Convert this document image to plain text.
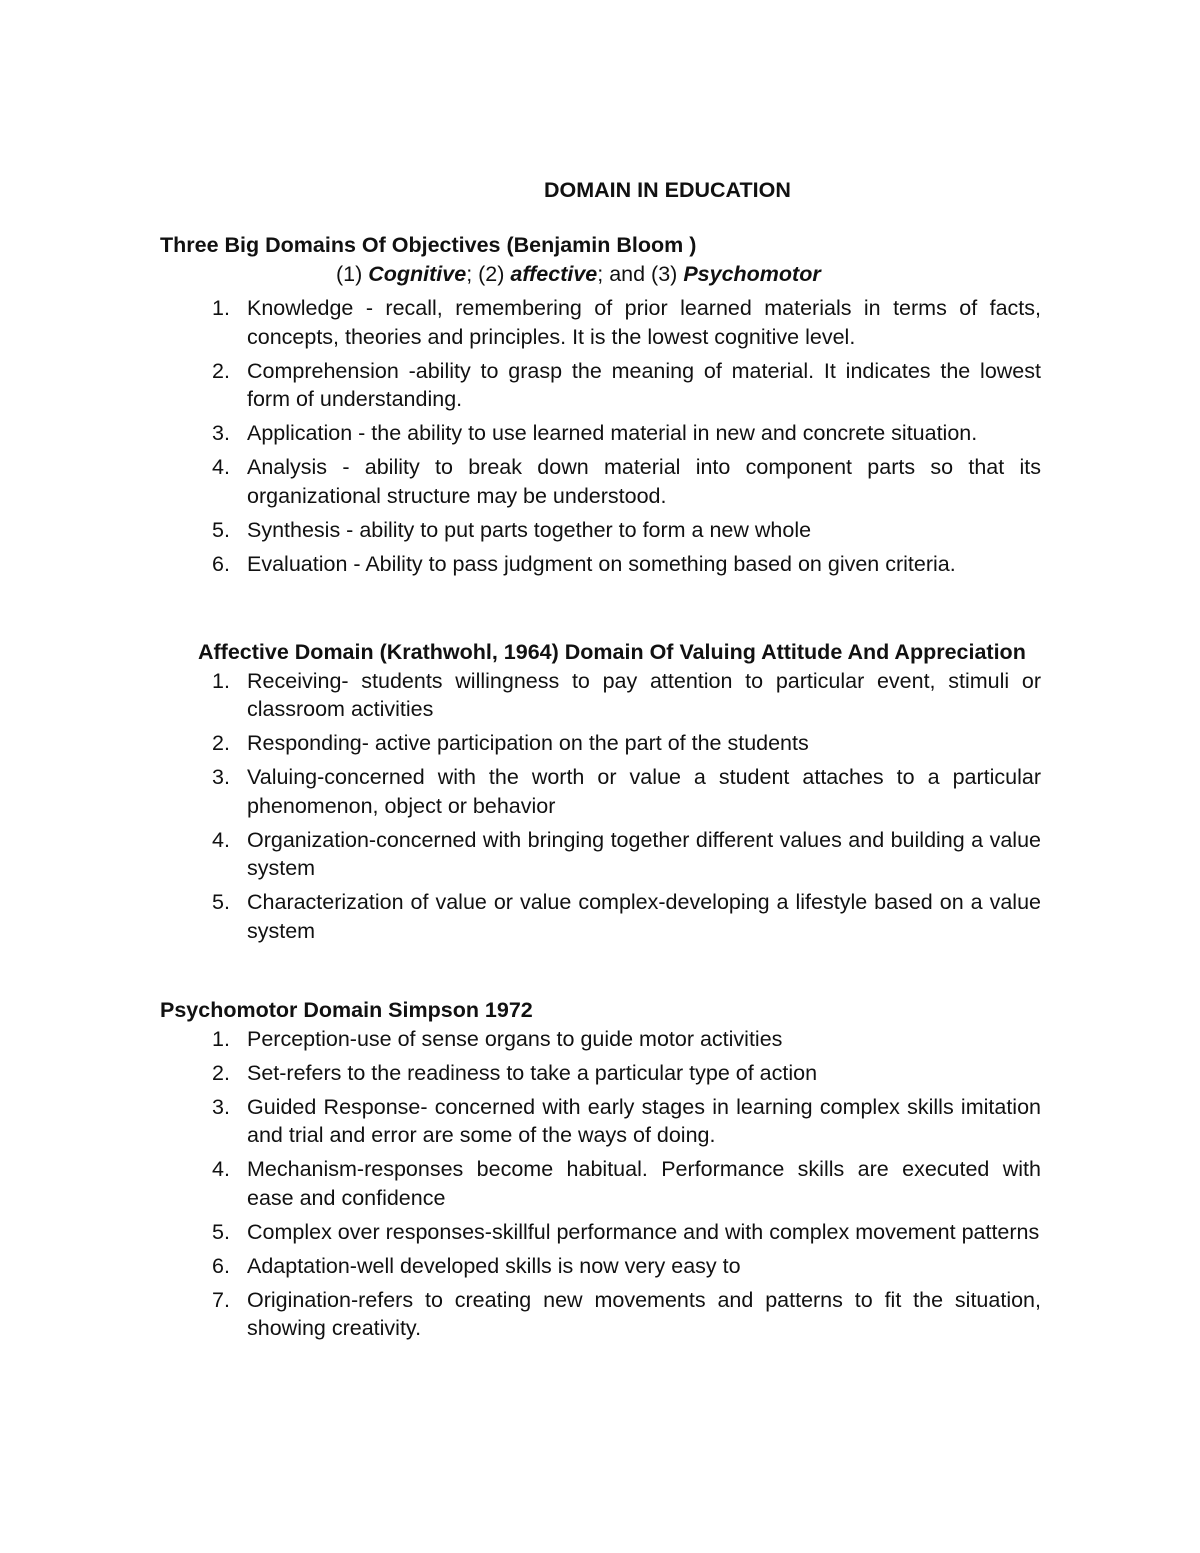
DOMAIN IN EDUCATION
Three Big Domains Of Objectives (Benjamin Bloom )
(1) Cognitive; (2) affective; and (3) Psychomotor
1. Knowledge - recall, remembering of prior learned materials in terms of facts, concepts, theories and principles. It is the lowest cognitive level.
2. Comprehension -ability to grasp the meaning of material. It indicates the lowest form of understanding.
3. Application - the ability to use learned material in new and concrete situation.
4. Analysis - ability to break down material into component parts so that its organizational structure may be understood.
5. Synthesis - ability to put parts together to form a new whole
6. Evaluation - Ability to pass judgment on something based on given criteria.

Affective Domain (Krathwohl, 1964) Domain Of Valuing Attitude And Appreciation

1. Receiving- students willingness to pay attention to particular event, stimuli or classroom activities
2. Responding- active participation on the part of the students
3. Valuing-concerned with the worth or value a student attaches to a particular phenomenon, object or behavior
4. Organization-concerned with bringing together different values and building a value system
5. Characterization of value or value complex-developing a lifestyle based on a value system
Psychomotor Domain Simpson 1972
1. Perception-use of sense organs to guide motor activities
2. Set-refers to the readiness to take a particular type of action
3. Guided Response- concerned with early stages in learning complex skills imitation and trial and error are some of the ways of doing.
4. Mechanism-responses become habitual. Performance skills are executed with ease and confidence
5. Complex over responses-skillful performance and with complex movement patterns
6. Adaptation-well developed skills is now very easy to
7. Origination-refers to creating new movements and patterns to fit the situation, showing creativity.
